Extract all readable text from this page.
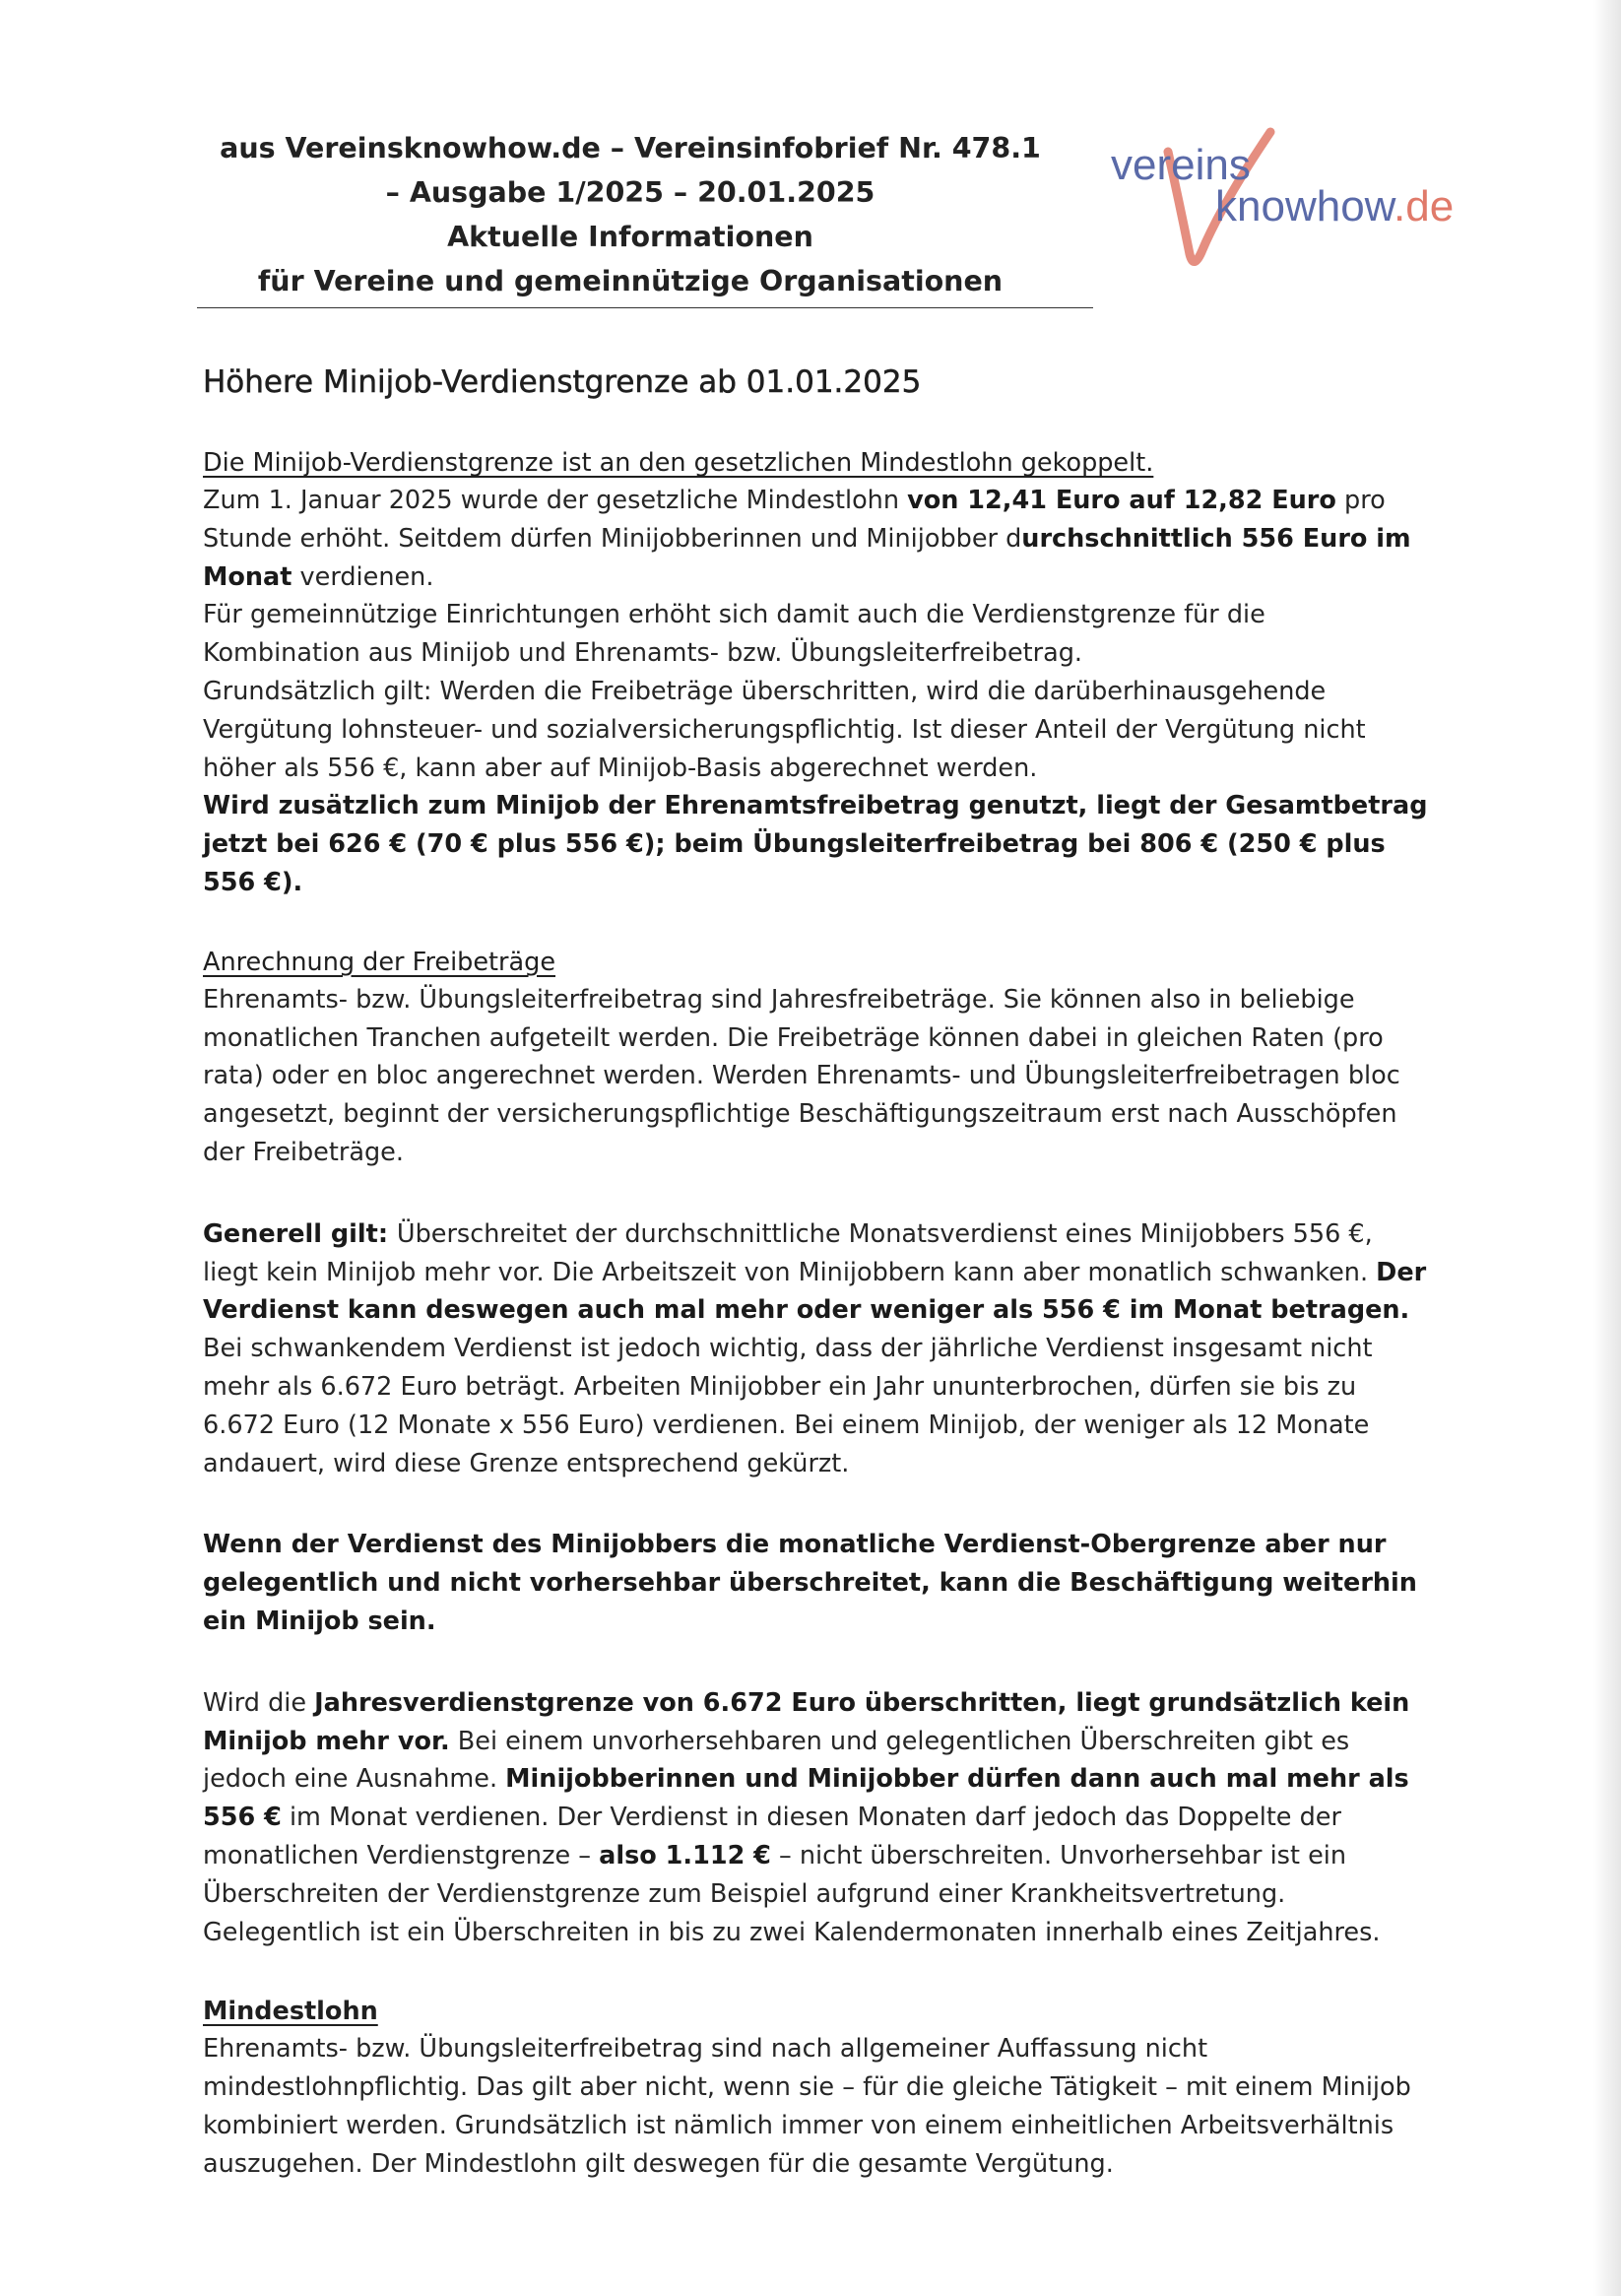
aus Vereinsknowhow.de – Vereinsinfobrief Nr. 478.1
– Ausgabe 1/2025 – 20.01.2025
Aktuelle Informationen
für Vereine und gemeinnützige Organisationen
vereins
knowhow.de
Höhere Minijob-Verdienstgrenze ab 01.01.2025

Die Minijob-Verdienstgrenze ist an den gesetzlichen Mindestlohn gekoppelt.

Zum 1. Januar 2025 wurde der gesetzliche Mindestlohn von 12,41 Euro auf 12,82 Euro pro Stunde erhöht. Seitdem dürfen Minijobberinnen und Minijobber durchschnittlich 556 Euro im Monat verdienen.

Für gemeinnützige Einrichtungen erhöht sich damit auch die Verdienstgrenze für die Kombination aus Minijob und Ehrenamts- bzw. Übungsleiterfreibetrag.

Grundsätzlich gilt: Werden die Freibeträge überschritten, wird die darüberhinausgehende Vergütung lohnsteuer- und sozialversicherungspflichtig. Ist dieser Anteil der Vergütung nicht höher als 556 €, kann aber auf Minijob-Basis abgerechnet werden.

Wird zusätzlich zum Minijob der Ehrenamtsfreibetrag genutzt, liegt der Gesamtbetrag jetzt bei 626 € (70 € plus 556 €); beim Übungsleiterfreibetrag bei 806 € (250 € plus 556 €).

Anrechnung der Freibeträge

Ehrenamts- bzw. Übungsleiterfreibetrag sind Jahresfreibeträge. Sie können also in beliebige monatlichen Tranchen aufgeteilt werden. Die Freibeträge können dabei in gleichen Raten (pro rata) oder en bloc angerechnet werden. Werden Ehrenamts- und Übungsleiterfreibetragen bloc angesetzt, beginnt der versicherungspflichtige Beschäftigungszeitraum erst nach Ausschöpfen der Freibeträge.

Generell gilt: Überschreitet der durchschnittliche Monatsverdienst eines Minijobbers 556 €, liegt kein Minijob mehr vor. Die Arbeitszeit von Minijobbern kann aber monatlich schwanken. Der Verdienst kann deswegen auch mal mehr oder weniger als 556 € im Monat betragen. Bei schwankendem Verdienst ist jedoch wichtig, dass der jährliche Verdienst insgesamt nicht mehr als 6.672 Euro beträgt. Arbeiten Minijobber ein Jahr ununterbrochen, dürfen sie bis zu 6.672 Euro (12 Monate x 556 Euro) verdienen. Bei einem Minijob, der weniger als 12 Monate andauert, wird diese Grenze entsprechend gekürzt.

Wenn der Verdienst des Minijobbers die monatliche Verdienst-Obergrenze aber nur gelegentlich und nicht vorhersehbar überschreitet, kann die Beschäftigung weiterhin ein Minijob sein.

Wird die Jahresverdienstgrenze von 6.672 Euro überschritten, liegt grundsätzlich kein Minijob mehr vor. Bei einem unvorhersehbaren und gelegentlichen Überschreiten gibt es jedoch eine Ausnahme. Minijobberinnen und Minijobber dürfen dann auch mal mehr als 556 € im Monat verdienen. Der Verdienst in diesen Monaten darf jedoch das Doppelte der monatlichen Verdienstgrenze – also 1.112 € – nicht überschreiten. Unvorhersehbar ist ein Überschreiten der Verdienstgrenze zum Beispiel aufgrund einer Krankheitsvertretung. Gelegentlich ist ein Überschreiten in bis zu zwei Kalendermonaten innerhalb eines Zeitjahres.

Mindestlohn

Ehrenamts- bzw. Übungsleiterfreibetrag sind nach allgemeiner Auffassung nicht mindestlohnpflichtig. Das gilt aber nicht, wenn sie – für die gleiche Tätigkeit – mit einem Minijob kombiniert werden. Grundsätzlich ist nämlich immer von einem einheitlichen Arbeitsverhältnis auszugehen. Der Mindestlohn gilt deswegen für die gesamte Vergütung.
